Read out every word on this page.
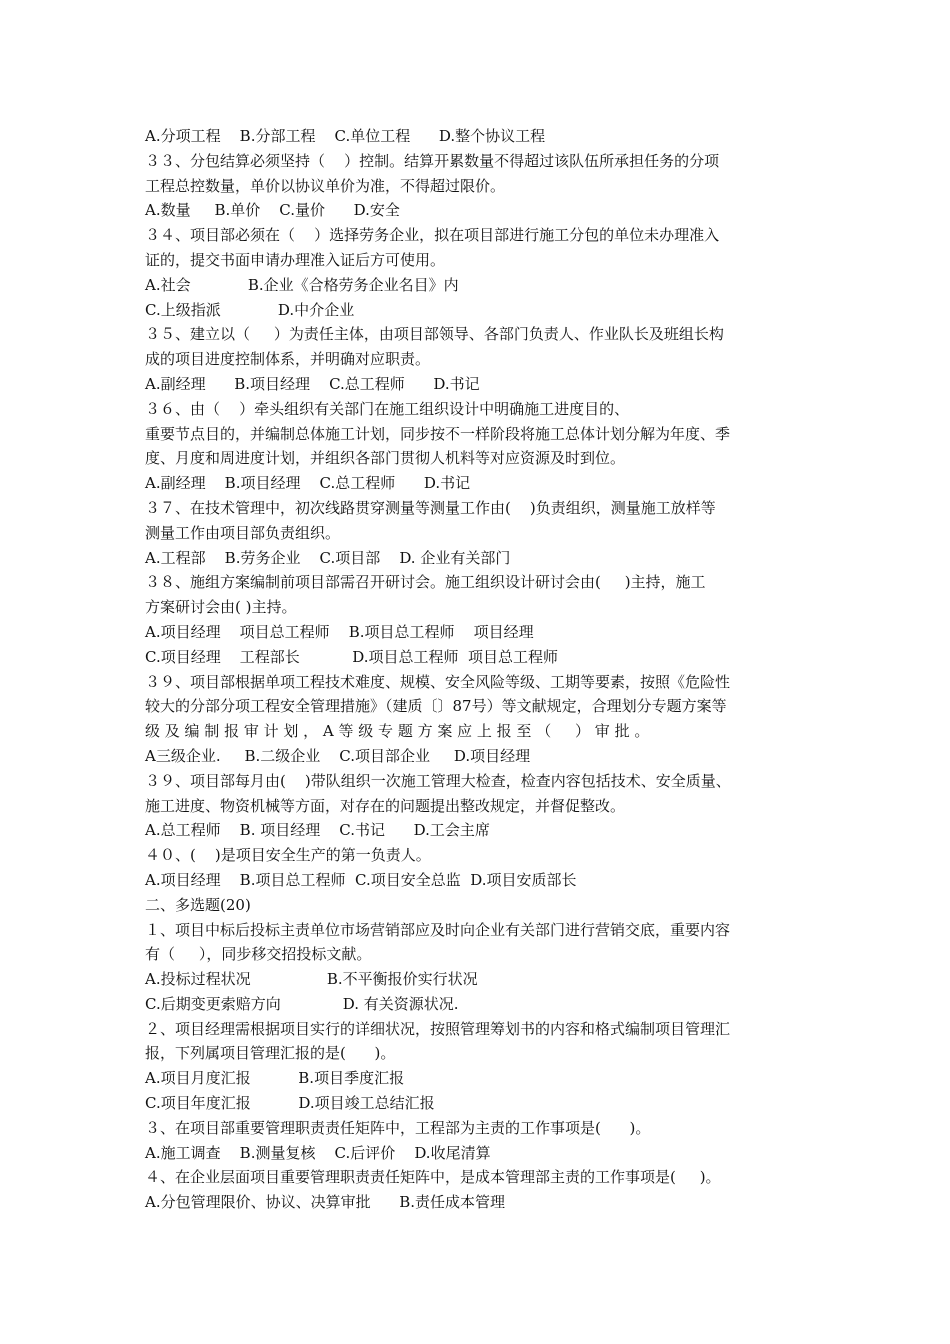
A.分项工程    B.分部工程    C.单位工程      D.整个协议工程
３３、分包结算必须坚持（    ）控制。结算开累数量不得超过该队伍所承担任务的分项
工程总控数量，单价以协议单价为准，不得超过限价。
A.数量     B.单价    C.量价      D.安全
３４、项目部必须在（    ）选择劳务企业，拟在项目部进行施工分包的单位未办理准入
证的，提交书面申请办理准入证后方可使用。
A.社会            B.企业《合格劳务企业名目》内
C.上级指派            D.中介企业
３５、建立以（     ）为责任主体，由项目部领导、各部门负责人、作业队长及班组长构
成的项目进度控制体系，并明确对应职责。
A.副经理      B.项目经理    C.总工程师      D.书记
３６、由（    ）牵头组织有关部门在施工组织设计中明确施工进度目的、
重要节点目的，并编制总体施工计划，同步按不一样阶段将施工总体计划分解为年度、季
度、月度和周进度计划，并组织各部门贯彻人机料等对应资源及时到位。
A.副经理    B.项目经理    C.总工程师      D.书记
３７、在技术管理中，初次线路贯穿测量等测量工作由(    )负责组织，测量施工放样等
测量工作由项目部负责组织。
A.工程部    B.劳务企业    C.项目部    D. 企业有关部门
３８、施组方案编制前项目部需召开研讨会。施工组织设计研讨会由(     )主持，施工
方案研讨会由( )主持。
A.项目经理    项目总工程师    B.项目总工程师    项目经理
C.项目经理    工程部长           D.项目总工程师  项目总工程师
３９、项目部根据单项工程技术难度、规模、安全风险等级、工期等要素，按照《危险性
较大的分部分项工程安全管理措施》（建质〔〕87号）等文献规定，合理划分专题方案等
级 及 编 制 报 审 计 划 ， A 等 级 专 题 方 案 应 上 报 至 （     ） 审 批 。
A三级企业.     B.二级企业    C.项目部企业     D.项目经理
３９、项目部每月由(    )带队组织一次施工管理大检查，检查内容包括技术、安全质量、
施工进度、物资机械等方面，对存在的问题提出整改规定，并督促整改。
A.总工程师    B. 项目经理    C.书记      D.工会主席
４０、(    )是项目安全生产的第一负责人。
A.项目经理    B.项目总工程师  C.项目安全总监  D.项目安质部长
二、多选题(20)
１、项目中标后投标主责单位市场营销部应及时向企业有关部门进行营销交底，重要内容
有（     ），同步移交招投标文献。
A.投标过程状况                B.不平衡报价实行状况
C.后期变更索赔方向             D. 有关资源状况.
２、项目经理需根据项目实行的详细状况，按照管理筹划书的内容和格式编制项目管理汇
报，下列属项目管理汇报的是(      )。
A.项目月度汇报          B.项目季度汇报
C.项目年度汇报          D.项目竣工总结汇报
３、在项目部重要管理职责责任矩阵中，工程部为主责的工作事项是(      )。
A.施工调查    B.测量复核    C.后评价    D.收尾清算
４、在企业层面项目重要管理职责责任矩阵中，是成本管理部主责的工作事项是(     )。
A.分包管理限价、协议、决算审批      B.责任成本管理
